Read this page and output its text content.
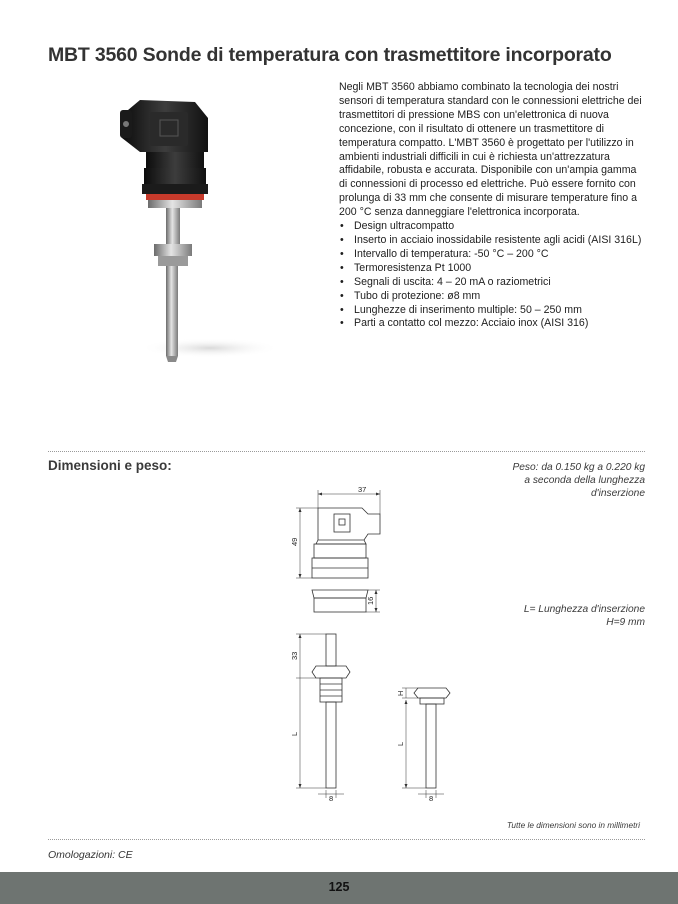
MBT 3560 Sonde di temperatura con trasmettitore incorporato

Negli MBT 3560 abbiamo combinato la tecnologia dei nostri sensori di temperatura standard con le connessioni elettriche dei trasmettitori di pressione MBS con un'elettronica di nuova concezione, con il risultato di ottenere un trasmettitore di temperatura compatto. L'MBT 3560 è progettato per l'utilizzo in ambienti industriali difficili in cui è richiesta un'attrezzatura affidabile, robusta e accurata. Disponibile con un'ampia gamma di connessioni di processo ed elettriche. Può essere fornito con prolunga di 33 mm che consente di misurare temperature fino a 200 °C senza danneggiare l'elettronica incorporata.

• Design ultracompatto
• Inserto in acciaio inossidabile resistente agli acidi (AISI 316L)
• Intervallo di temperatura: -50 °C – 200 °C
• Termoresistenza Pt 1000
• Segnali di uscita: 4 – 20 mA o raziometrici
• Tubo di protezione: ø8 mm
• Lunghezze di inserimento multiple: 50 – 250 mm
• Parti a contatto col mezzo: Acciaio inox (AISI 316)
Dimensioni e peso:	Peso: da 0.150 kg a 0.220 kg
a seconda della lunghezza
d'inserzione
37
49
16
33
L
H
L
8	8
L= Lunghezza d'inserzione
H=9 mm
Tutte le dimensioni sono in millimetri
Omologazioni: CE
125
